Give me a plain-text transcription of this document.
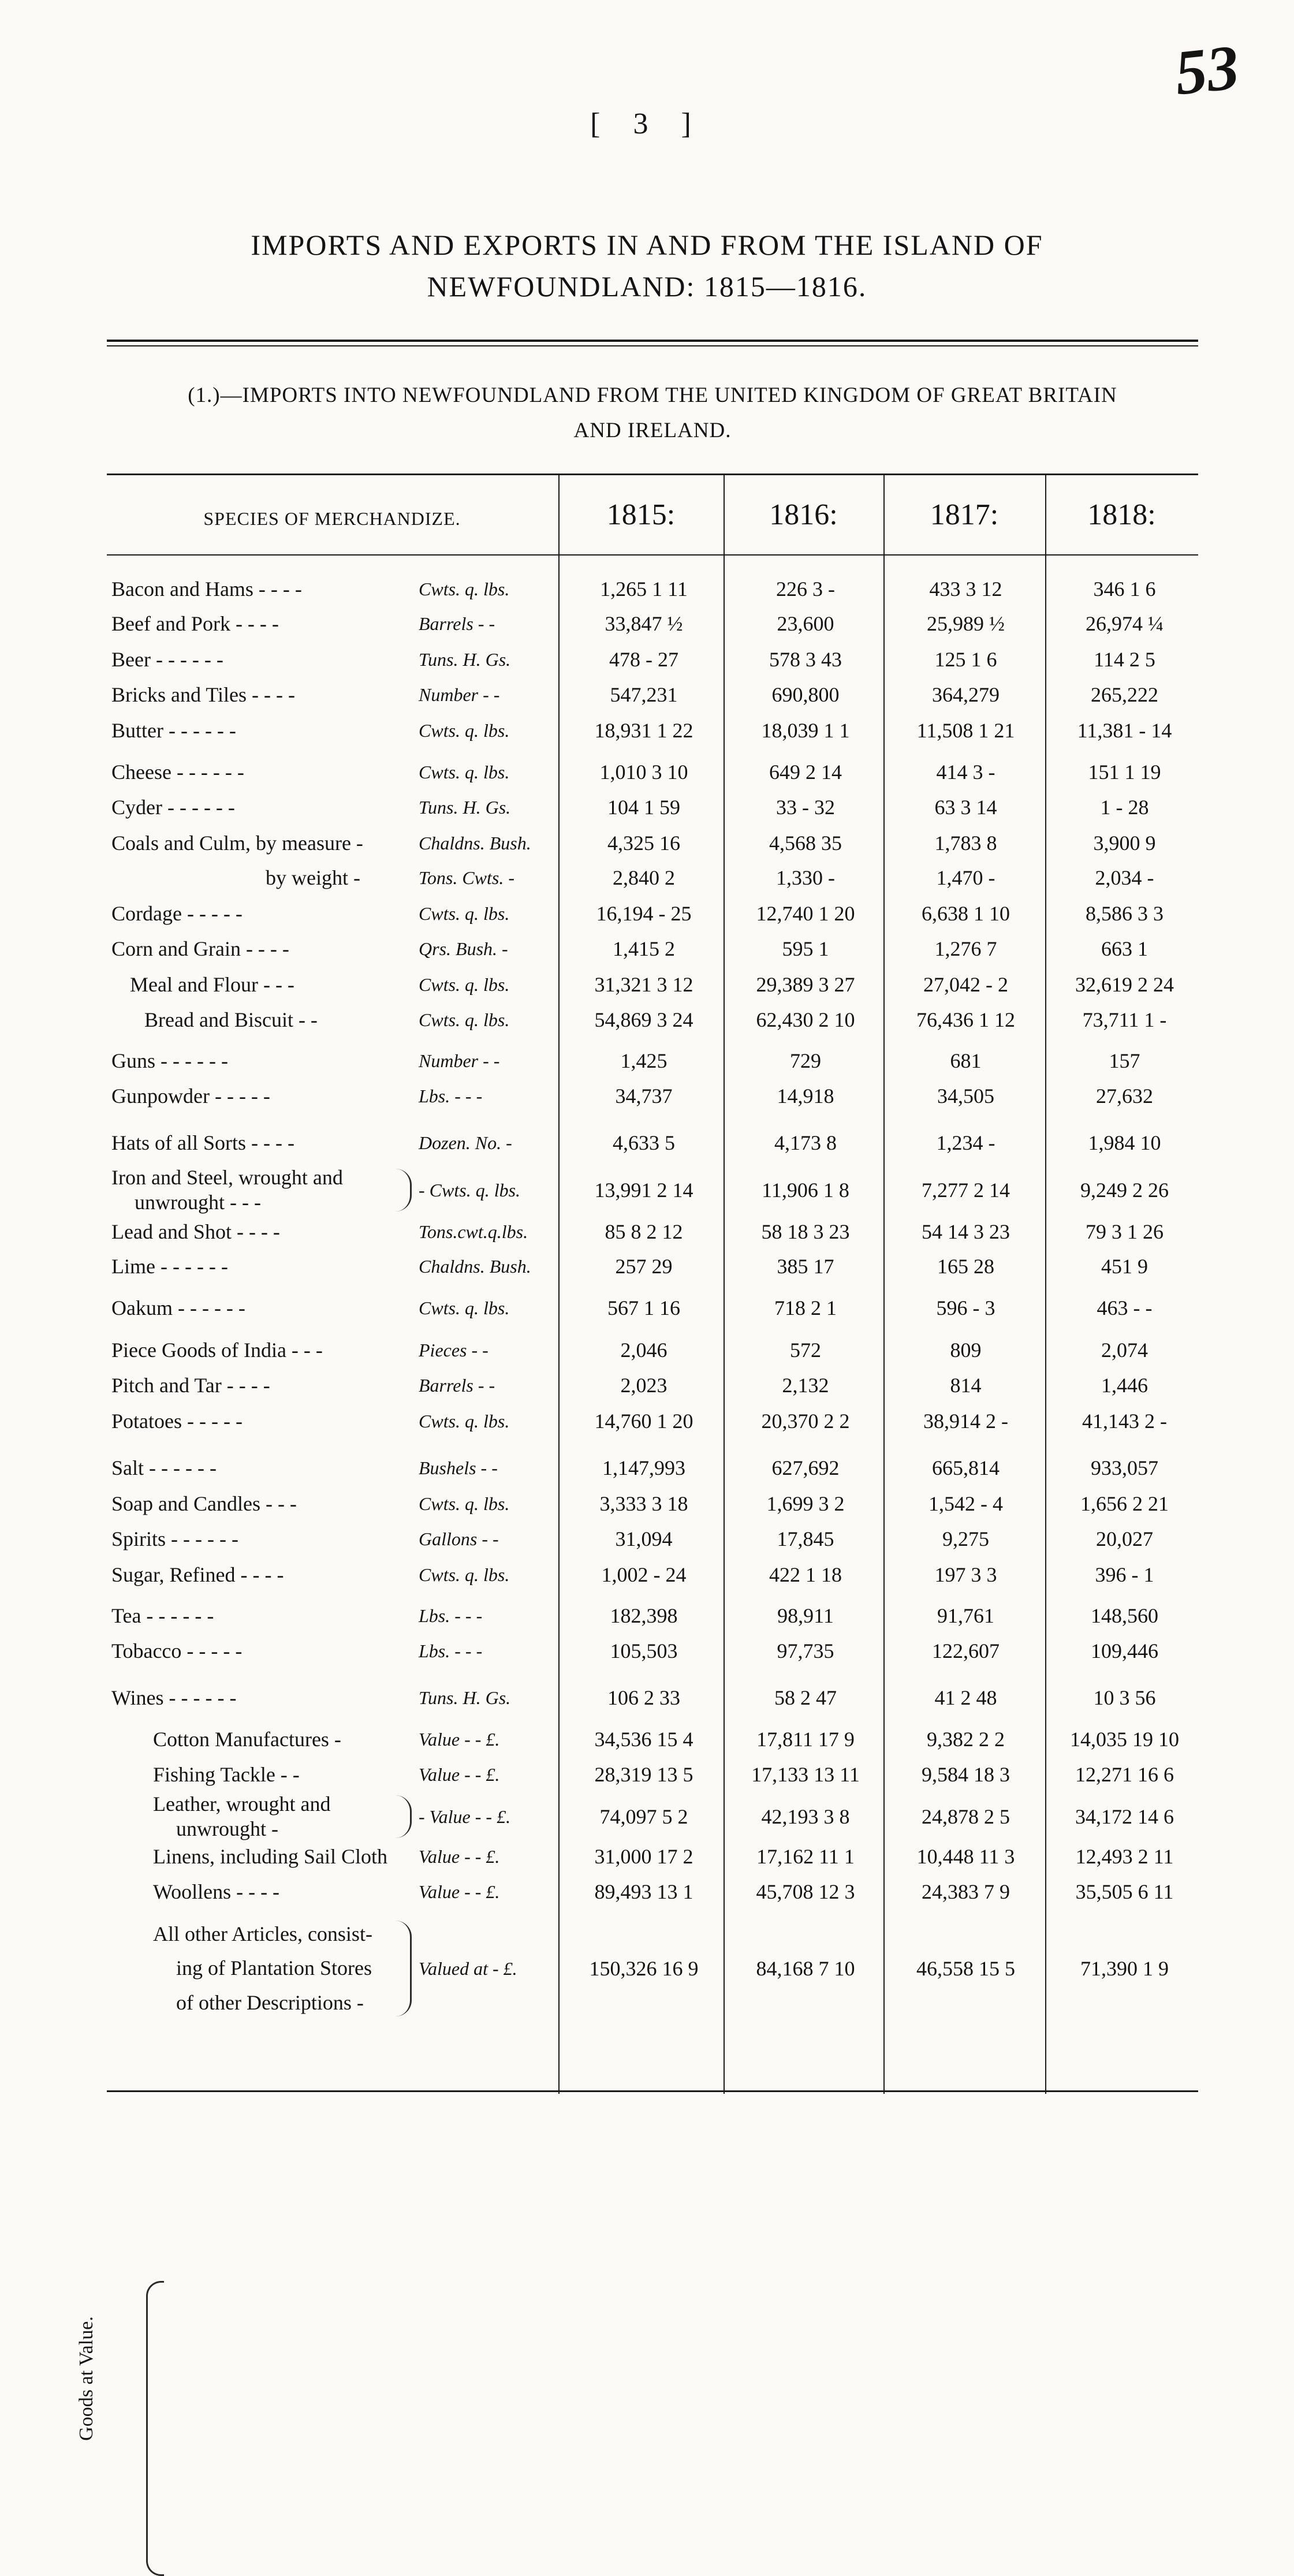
[ 3 ]
53
IMPORTS AND EXPORTS IN AND FROM THE ISLAND OF
NEWFOUNDLAND: 1815—1816.
(1.)—IMPORTS INTO NEWFOUNDLAND FROM THE UNITED KINGDOM OF GREAT BRITAIN
AND IRELAND.
SPECIES OF MERCHANDIZE.	1815:	1816:	1817:	1818:
Bacon and Hams - - - -	Cwts. q. lbs.	1,265 1 11	226 3 -	433 3 12	346 1 6
Beef and Pork - - - -	Barrels - -	33,847 ½	23,600	25,989 ½	26,974 ¼
Beer - - - - - -	Tuns. H. Gs.	478 - 27	578 3 43	125 1 6	114 2 5
Bricks and Tiles - - - -	Number - -	547,231	690,800	364,279	265,222
Butter - - - - - -	Cwts. q. lbs.	18,931 1 22	18,039 1 1	11,508 1 21	11,381 - 14
Cheese - - - - - -	Cwts. q. lbs.	1,010 3 10	649 2 14	414 3 -	151 1 19
Cyder - - - - - -	Tuns. H. Gs.	104 1 59	33 - 32	63 3 14	1 - 28
Coals and Culm, by measure -	Chaldns. Bush.	4,325 16	4,568 35	1,783 8	3,900 9
by weight -	Tons. Cwts. -	2,840 2	1,330 -	1,470 -	2,034 -
Cordage - - - - -	Cwts. q. lbs.	16,194 - 25	12,740 1 20	6,638 1 10	8,586 3 3
Corn and Grain - - - -	Qrs. Bush. -	1,415 2	595 1	1,276 7	663 1
Meal and Flour - - -	Cwts. q. lbs.	31,321 3 12	29,389 3 27	27,042 - 2	32,619 2 24
Bread and Biscuit - -	Cwts. q. lbs.	54,869 3 24	62,430 2 10	76,436 1 12	73,711 1 -
Guns - - - - - -	Number - -	1,425	729	681	157
Gunpowder - - - - -	Lbs. - - -	34,737	14,918	34,505	27,632
Hats of all Sorts - - - -	Dozen. No. -	4,633 5	4,173 8	1,234 -	1,984 10
Iron and Steel, wrought and
unwrought - - -
- Cwts. q. lbs.	13,991 2 14	11,906 1 8	7,277 2 14	9,249 2 26
Lead and Shot - - - -	Tons.cwt.q.lbs.	85 8 2 12	58 18 3 23	54 14 3 23	79 3 1 26
Lime - - - - - -	Chaldns. Bush.	257 29	385 17	165 28	451 9
Oakum - - - - - -	Cwts. q. lbs.	567 1 16	718 2 1	596 - 3	463 - -
Piece Goods of India - - -	Pieces - -	2,046	572	809	2,074
Pitch and Tar - - - -	Barrels - -	2,023	2,132	814	1,446
Potatoes - - - - -	Cwts. q. lbs.	14,760 1 20	20,370 2 2	38,914 2 -	41,143 2 -
Salt - - - - - -	Bushels - -	1,147,993	627,692	665,814	933,057
Soap and Candles - - -	Cwts. q. lbs.	3,333 3 18	1,699 3 2	1,542 - 4	1,656 2 21
Spirits - - - - - -	Gallons - -	31,094	17,845	9,275	20,027
Sugar, Refined - - - -	Cwts. q. lbs.	1,002 - 24	422 1 18	197 3 3	396 - 1
Tea - - - - - -	Lbs. - - -	182,398	98,911	91,761	148,560
Tobacco - - - - -	Lbs. - - -	105,503	97,735	122,607	109,446
Wines - - - - - -	Tuns. H. Gs.	106 2 33	58 2 47	41 2 48	10 3 56
Cotton Manufactures -	Value - - £.	34,536 15 4	17,811 17 9	9,382 2 2	14,035 19 10
Fishing Tackle - -	Value - - £.	28,319 13 5	17,133 13 11	9,584 18 3	12,271 16 6
Leather, wrought and
unwrought -
- Value - - £.	74,097 5 2	42,193 3 8	24,878 2 5	34,172 14 6
Linens, including Sail Cloth Value - - £.	31,000 17 2	17,162 11 1	10,448 11 3	12,493 2 11
Woollens - - - -	Value - - £.	89,493 13 1	45,708 12 3	24,383 7 9	35,505 6 11
All other Articles, consist-
ing of Plantation Stores
of other Descriptions -
Valued at - £.	150,326 16 9	84,168 7 10	46,558 15 5	71,390 1 9
Goods at Value.
